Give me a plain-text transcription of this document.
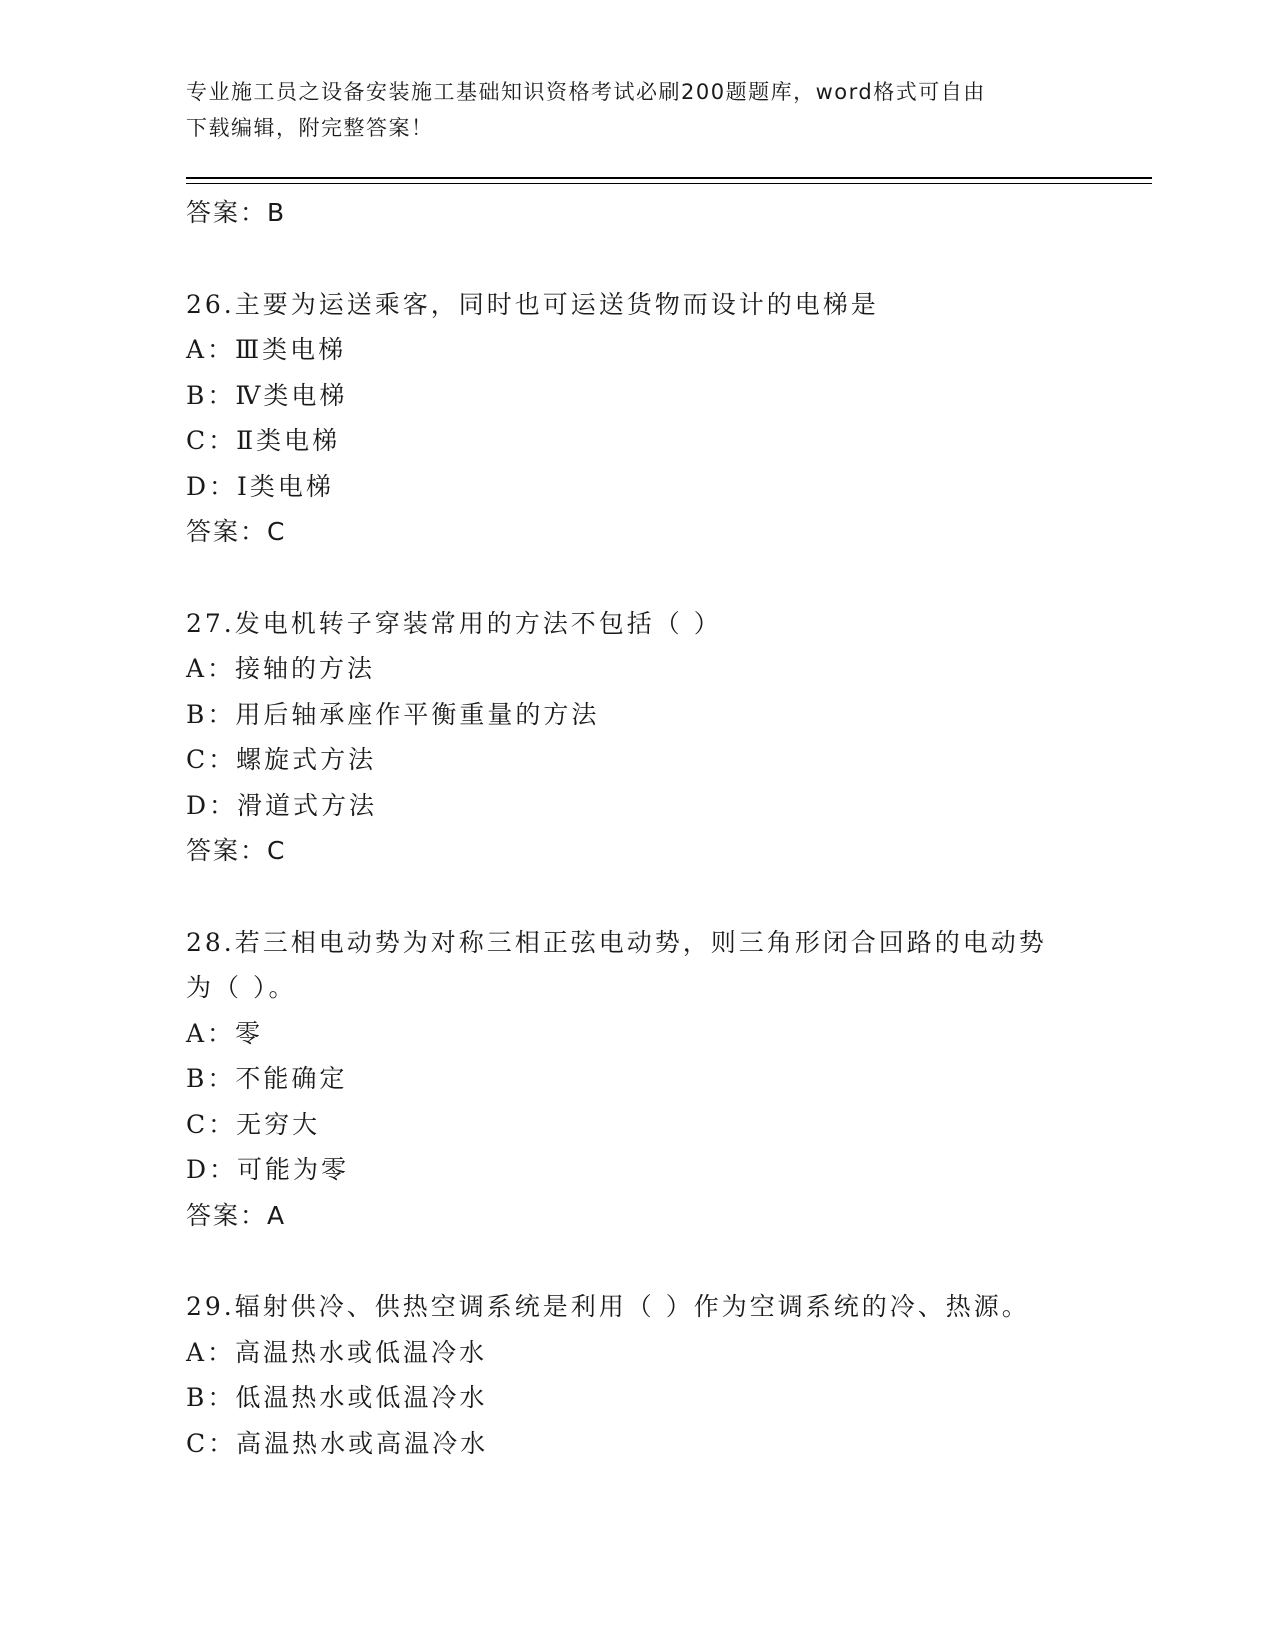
专业施工员之设备安装施工基础知识资格考试必刷200题题库，word格式可自由
下载编辑，附完整答案！
答案：B
26.主要为运送乘客，同时也可运送货物而设计的电梯是
A：Ⅲ类电梯
B：Ⅳ类电梯
C：Ⅱ类电梯
D：Ⅰ类电梯
答案：C
27.发电机转子穿装常用的方法不包括（ ）
A：接轴的方法
B：用后轴承座作平衡重量的方法
C：螺旋式方法
D：滑道式方法
答案：C
28.若三相电动势为对称三相正弦电动势，则三角形闭合回路的电动势
为（ ）。
A：零
B：不能确定
C：无穷大
D：可能为零
答案：A
29.辐射供冷、供热空调系统是利用（ ）作为空调系统的冷、热源。
A：高温热水或低温冷水
B：低温热水或低温冷水
C：高温热水或高温冷水
